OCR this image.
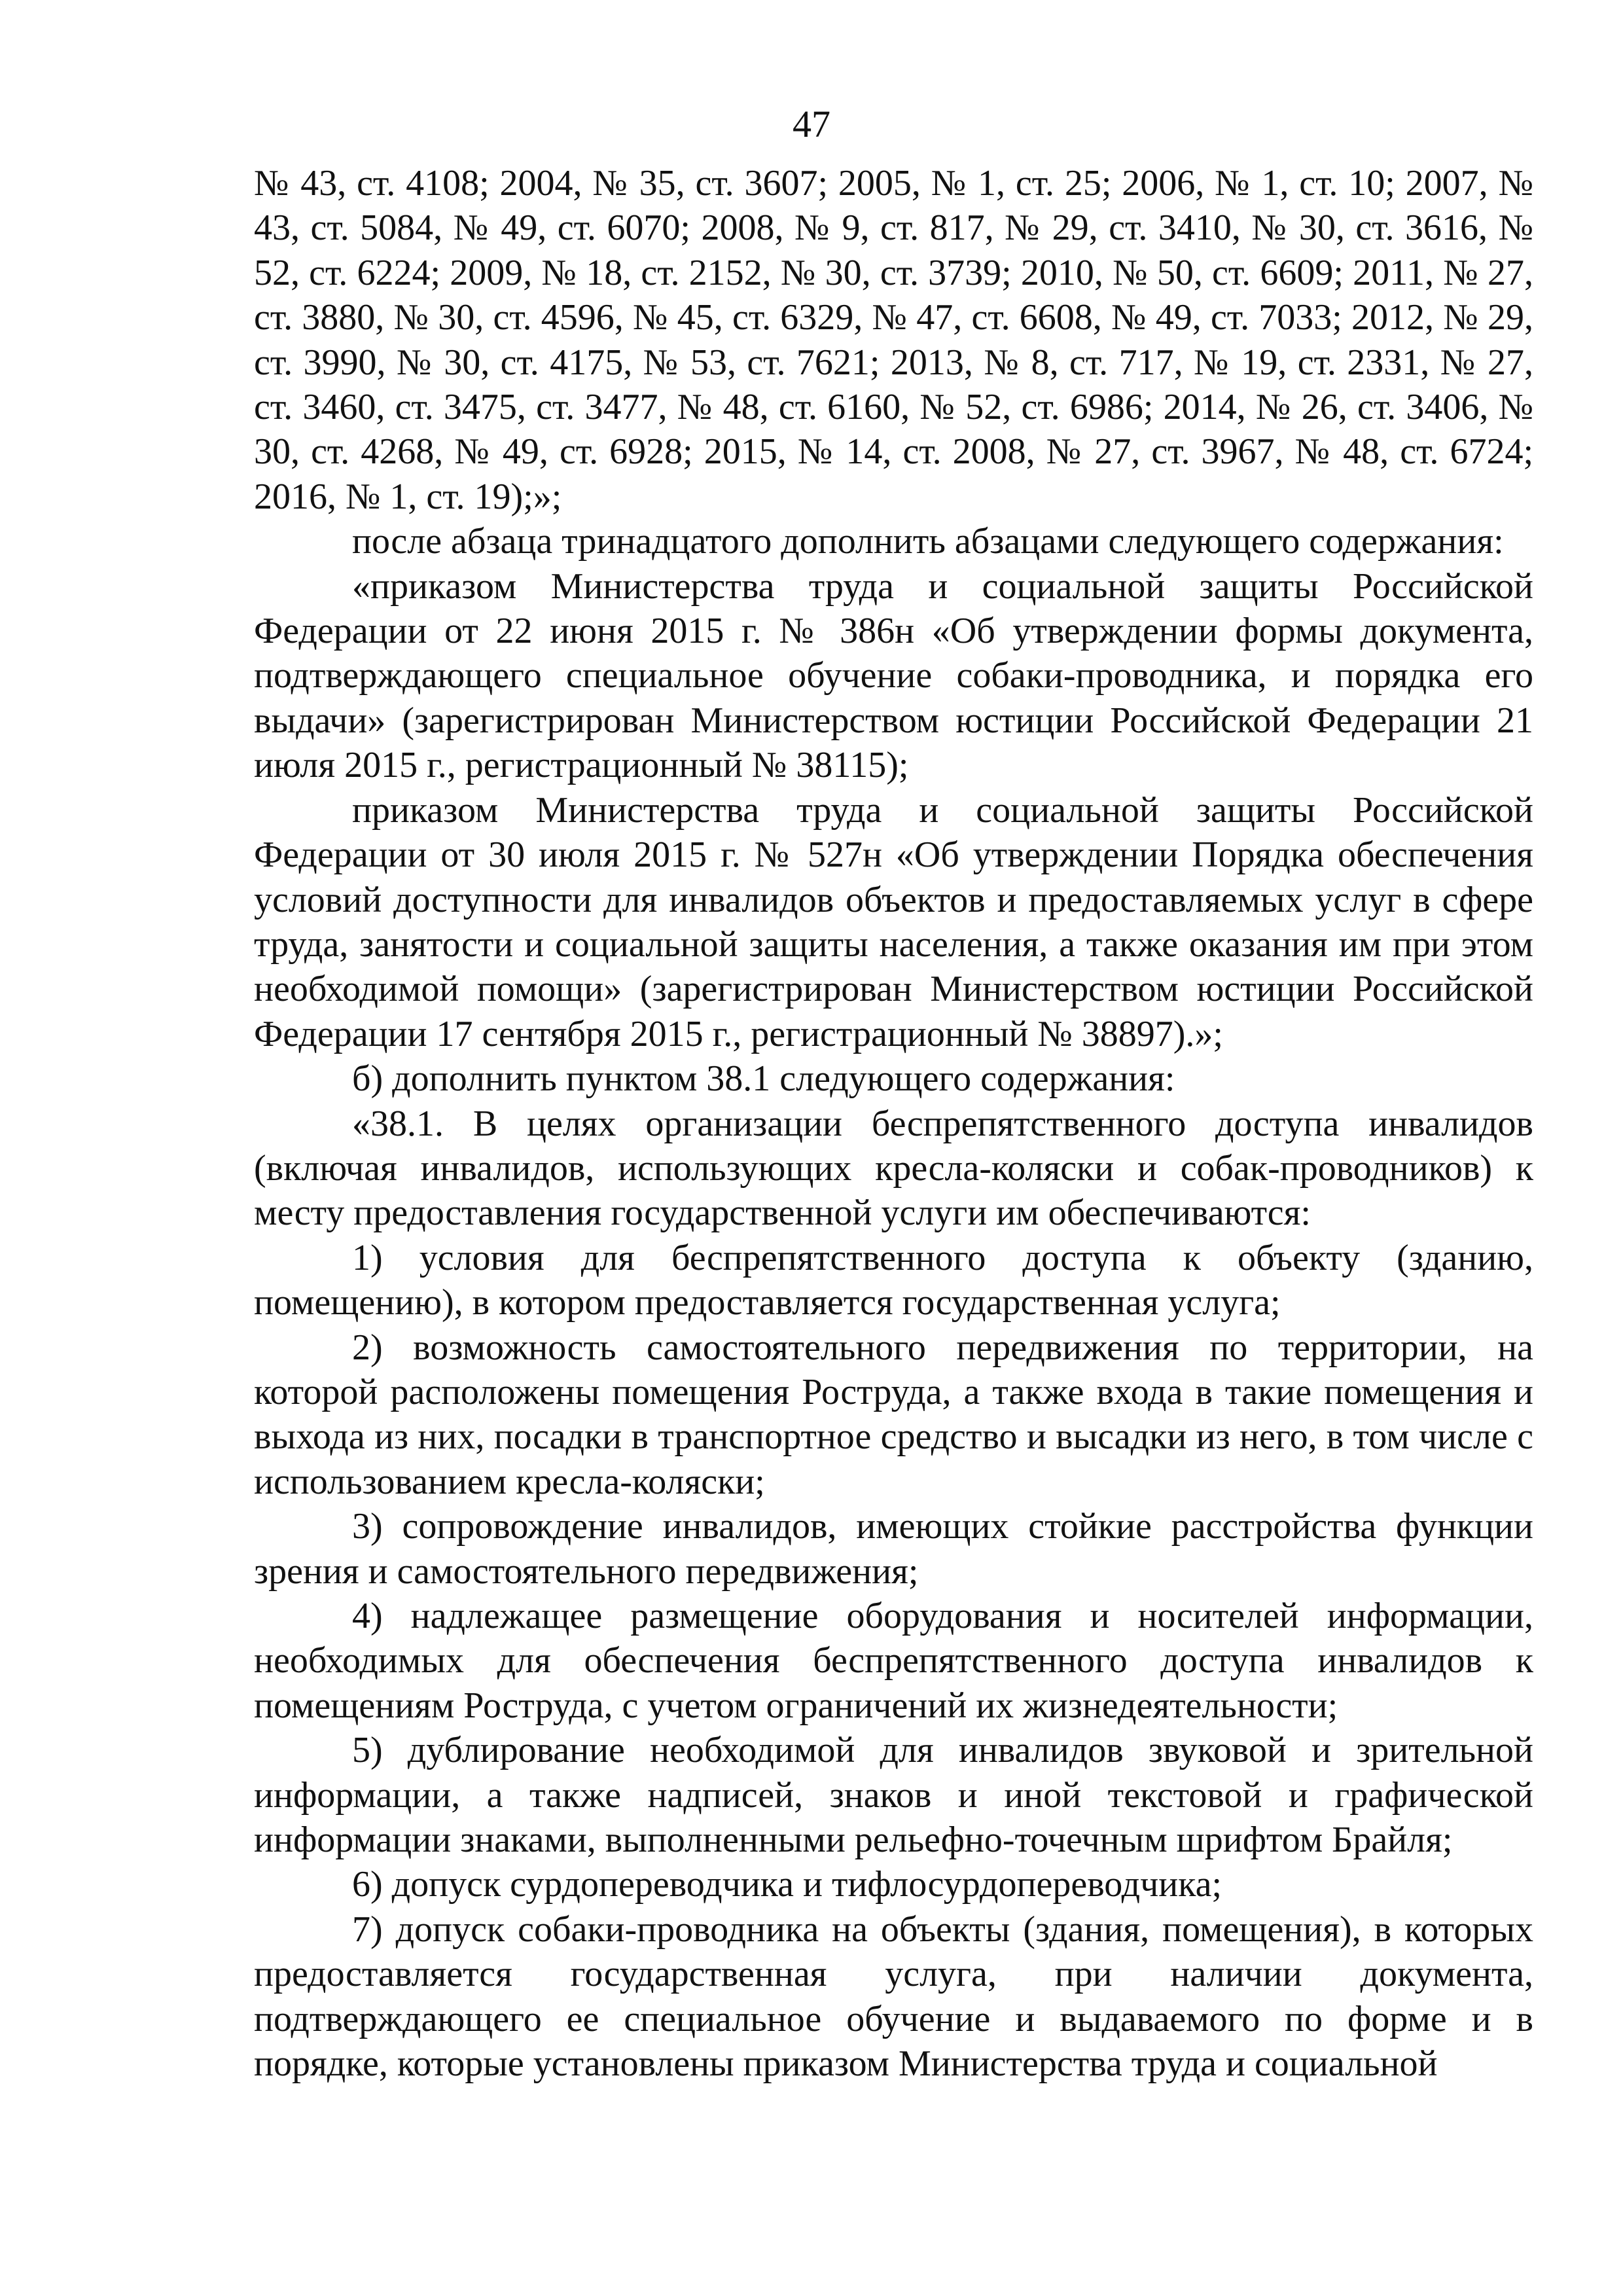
47

№ 43, ст. 4108; 2004, № 35, ст. 3607; 2005, № 1, ст. 25; 2006, № 1, ст. 10; 2007, № 43, ст. 5084, № 49, ст. 6070; 2008, № 9, ст. 817, № 29, ст. 3410, № 30, ст. 3616, № 52, ст. 6224; 2009, № 18, ст. 2152, № 30, ст. 3739; 2010, № 50, ст. 6609; 2011, № 27, ст. 3880, № 30, ст. 4596, № 45, ст. 6329, № 47, ст. 6608, № 49, ст. 7033; 2012, № 29, ст. 3990, № 30, ст. 4175, № 53, ст. 7621; 2013, № 8, ст. 717, № 19, ст. 2331, № 27, ст. 3460, ст. 3475, ст. 3477, № 48, ст. 6160, № 52, ст. 6986; 2014, № 26, ст. 3406, № 30, ст. 4268, № 49, ст. 6928; 2015, № 14, ст. 2008, № 27, ст. 3967, № 48, ст. 6724; 2016, № 1, ст. 19);»;

после абзаца тринадцатого дополнить абзацами следующего содержания:

«приказом Министерства труда и социальной защиты Российской Федерации от 22 июня 2015 г. № 386н «Об утверждении формы документа, подтверждающего специальное обучение собаки-проводника, и порядка его выдачи» (зарегистрирован Министерством юстиции Российской Федерации 21 июля 2015 г., регистрационный № 38115);

приказом Министерства труда и социальной защиты Российской Федерации от 30 июля 2015 г. № 527н «Об утверждении Порядка обеспечения условий доступности для инвалидов объектов и предоставляемых услуг в сфере труда, занятости и социальной защиты населения, а также оказания им при этом необходимой помощи» (зарегистрирован Министерством юстиции Российской Федерации 17 сентября 2015 г., регистрационный № 38897).»;

б) дополнить пунктом 38.1 следующего содержания:

«38.1. В целях организации беспрепятственного доступа инвалидов (включая инвалидов, использующих кресла-коляски и собак-проводников) к месту предоставления государственной услуги им обеспечиваются:

1) условия для беспрепятственного доступа к объекту (зданию, помещению), в котором предоставляется государственная услуга;

2) возможность самостоятельного передвижения по территории, на которой расположены помещения Роструда, а также входа в такие помещения и выхода из них, посадки в транспортное средство и высадки из него, в том числе с использованием кресла-коляски;

3) сопровождение инвалидов, имеющих стойкие расстройства функции зрения и самостоятельного передвижения;

4) надлежащее размещение оборудования и носителей информации, необходимых для обеспечения беспрепятственного доступа инвалидов к помещениям Роструда, с учетом ограничений их жизнедеятельности;

5) дублирование необходимой для инвалидов звуковой и зрительной информации, а также надписей, знаков и иной текстовой и графической информации знаками, выполненными рельефно-точечным шрифтом Брайля;

6) допуск сурдопереводчика и тифлосурдопереводчика;

7) допуск собаки-проводника на объекты (здания, помещения), в которых предоставляется государственная услуга, при наличии документа, подтверждающего ее специальное обучение и выдаваемого по форме и в порядке, которые установлены приказом Министерства труда и социальной
